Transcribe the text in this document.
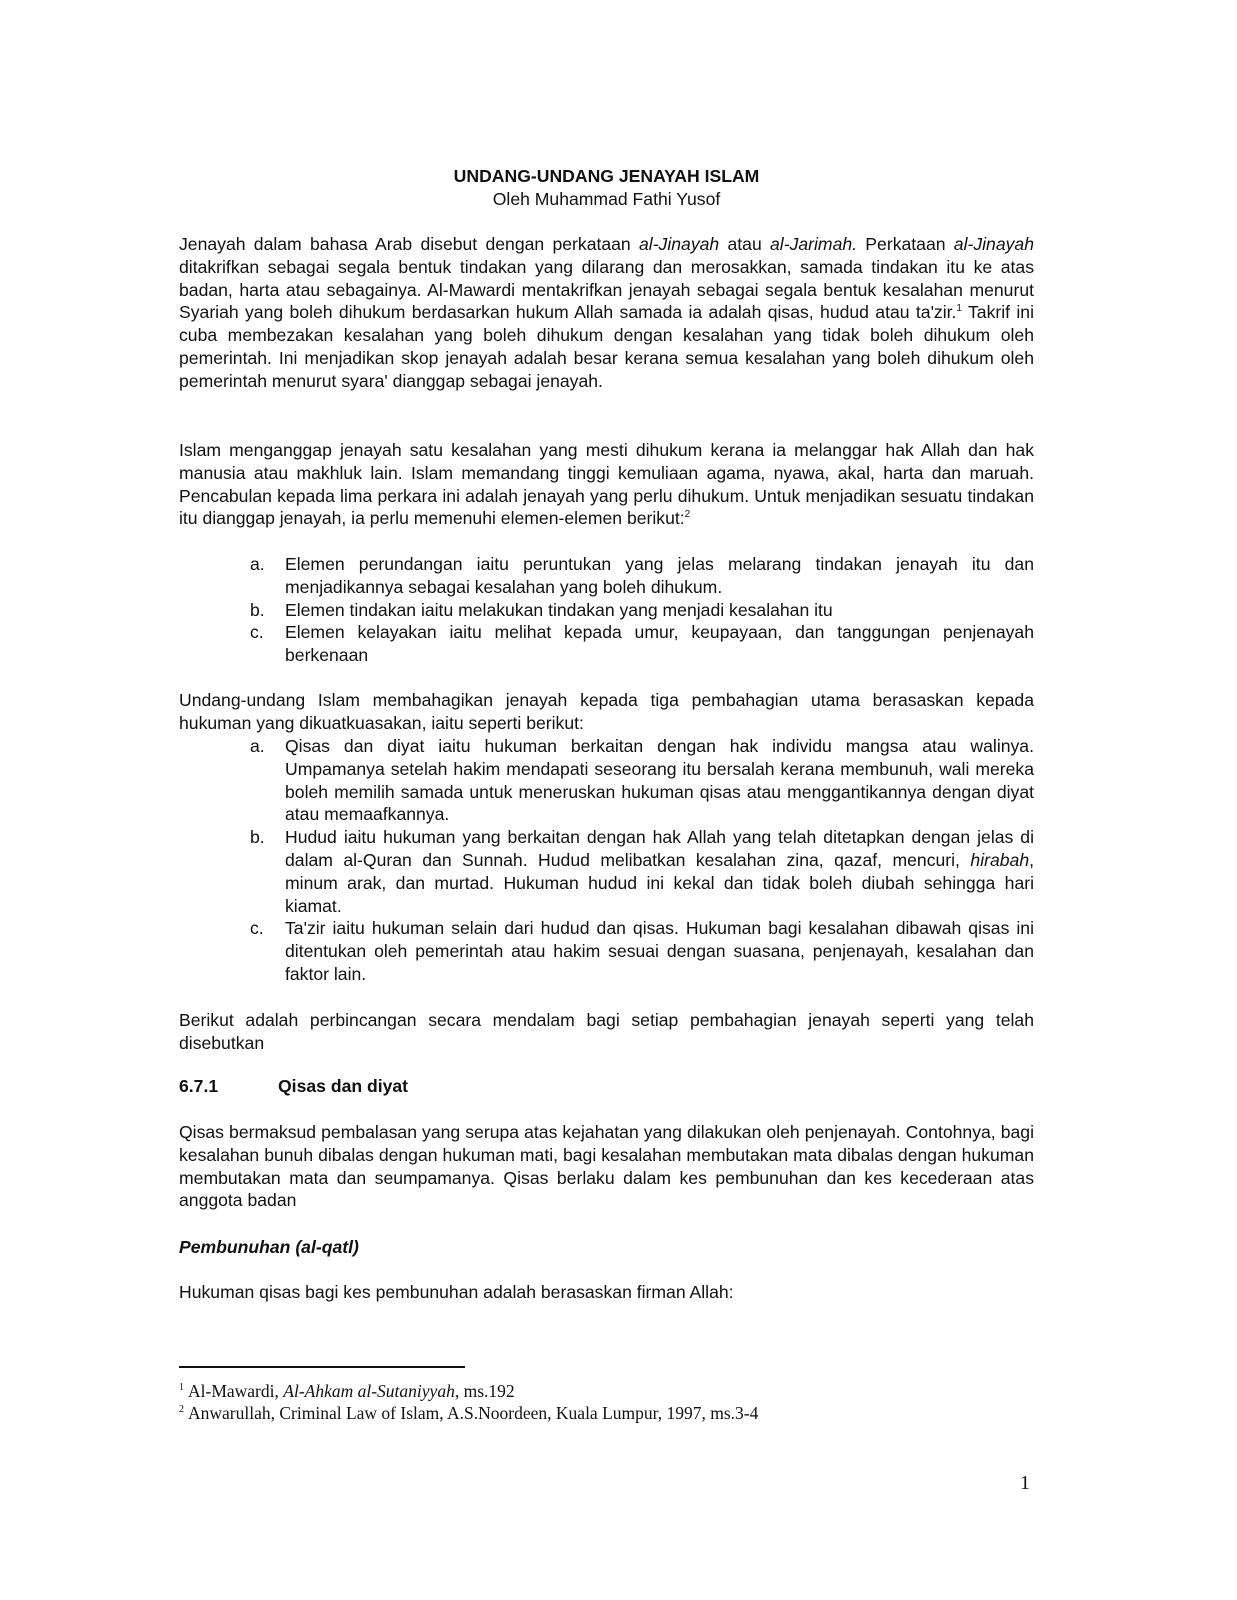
UNDANG-UNDANG JENAYAH ISLAM
Oleh Muhammad Fathi Yusof
Jenayah dalam bahasa Arab disebut dengan perkataan al-Jinayah atau al-Jarimah. Perkataan al-Jinayah ditakrifkan sebagai segala bentuk tindakan yang dilarang dan merosakkan, samada tindakan itu ke atas badan, harta atau sebagainya. Al-Mawardi mentakrifkan jenayah sebagai segala bentuk kesalahan menurut Syariah yang boleh dihukum berdasarkan hukum Allah samada ia adalah qisas, hudud atau ta'zir.$^1$ Takrif ini cuba membezakan kesalahan yang boleh dihukum dengan kesalahan yang tidak boleh dihukum oleh pemerintah. Ini menjadikan skop jenayah adalah besar kerana semua kesalahan yang boleh dihukum oleh pemerintah menurut syara' dianggap sebagai jenayah.
Islam menganggap jenayah satu kesalahan yang mesti dihukum kerana ia melanggar hak Allah dan hak manusia atau makhluk lain. Islam memandang tinggi kemuliaan agama, nyawa, akal, harta dan maruah. Pencabulan kepada lima perkara ini adalah jenayah yang perlu dihukum. Untuk menjadikan sesuatu tindakan itu dianggap jenayah, ia perlu memenuhi elemen-elemen berikut:$^2$
a.	Elemen perundangan iaitu peruntukan yang jelas melarang tindakan jenayah itu dan menjadikannya sebagai kesalahan yang boleh dihukum.
b.	Elemen tindakan iaitu melakukan tindakan yang menjadi kesalahan itu
c.	Elemen kelayakan iaitu melihat kepada umur, keupayaan, dan tanggungan penjenayah berkenaan
Undang-undang Islam membahagikan jenayah kepada tiga pembahagian utama berasaskan kepada hukuman yang dikuatkuasakan, iaitu seperti berikut:
a.	Qisas dan diyat iaitu hukuman berkaitan dengan hak individu mangsa atau walinya. Umpamanya setelah hakim mendapati seseorang itu bersalah kerana membunuh, wali mereka boleh memilih samada untuk meneruskan hukuman qisas atau menggantikannya dengan diyat atau memaafkannya.
b.	Hudud iaitu hukuman yang berkaitan dengan hak Allah yang telah ditetapkan dengan jelas di dalam al-Quran dan Sunnah. Hudud melibatkan kesalahan zina, qazaf, mencuri, hirabah, minum arak, dan murtad. Hukuman hudud ini kekal dan tidak boleh diubah sehingga hari kiamat.
c.	Ta'zir iaitu hukuman selain dari hudud dan qisas. Hukuman bagi kesalahan dibawah qisas ini ditentukan oleh pemerintah atau hakim sesuai dengan suasana, penjenayah, kesalahan dan faktor lain.
Berikut adalah perbincangan secara mendalam bagi setiap pembahagian jenayah seperti yang telah disebutkan
6.7.1	Qisas dan diyat
Qisas bermaksud pembalasan yang serupa atas kejahatan yang dilakukan oleh penjenayah. Contohnya, bagi kesalahan bunuh dibalas dengan hukuman mati, bagi kesalahan membutakan mata dibalas dengan hukuman membutakan mata dan seumpamanya. Qisas berlaku dalam kes pembunuhan dan kes kecederaan atas anggota badan
Pembunuhan (al-qatl)
Hukuman qisas bagi kes pembunuhan adalah berasaskan firman Allah:
$^1$ Al-Mawardi, Al-Ahkam al-Sutaniyyah, ms.192
$^2$ Anwarullah, Criminal Law of Islam, A.S.Noordeen, Kuala Lumpur, 1997, ms.3-4
1
